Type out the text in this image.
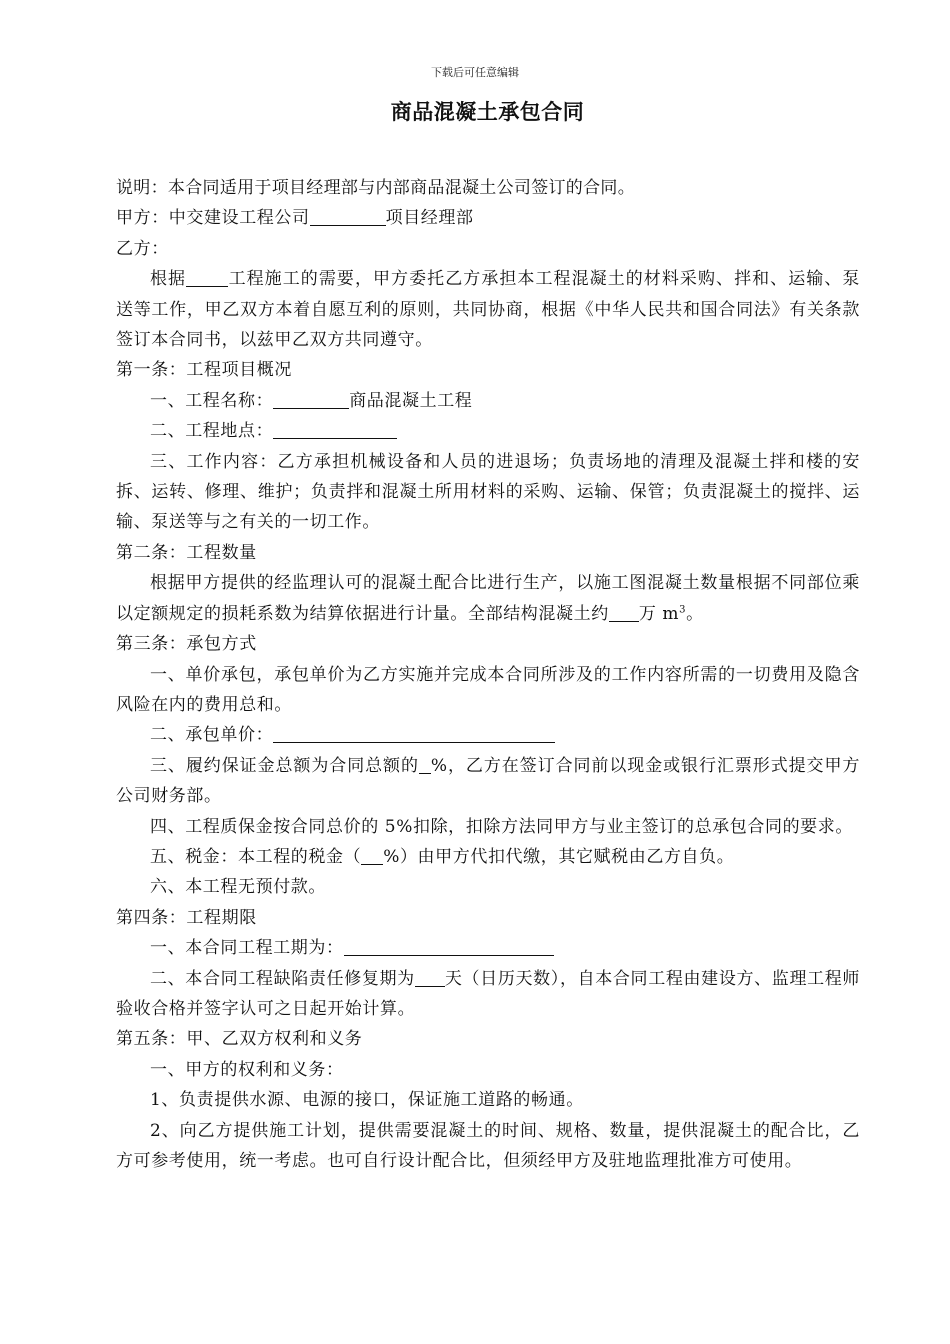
下载后可任意编辑
商品混凝土承包合同

说明：本合同适用于项目经理部与内部商品混凝土公司签订的合同。

甲方：中交建设工程公司	项目经理部

乙方：

根据 工程施工的需要，甲方委托乙方承担本工程混凝土的材料采购、拌和、运输、泵送等工作，甲乙双方本着自愿互利的原则，共同协商，根据《中华人民共和国合同法》有关条款签订本合同书，以兹甲乙双方共同遵守。

第一条：工程项目概况

一、工程名称：	商品混凝土工程

二、工程地点：

三、工作内容：乙方承担机械设备和人员的进退场；负责场地的清理及混凝土拌和楼的安拆、运转、修理、维护；负责拌和混凝土所用材料的采购、运输、保管；负责混凝土的搅拌、运输、泵送等与之有关的一切工作。

第二条：工程数量

根据甲方提供的经监理认可的混凝土配合比进行生产，以施工图混凝土数量根据不同部位乘以定额规定的损耗系数为结算依据进行计量。全部结构混凝土约 万 $m^3$。

第三条：承包方式

一、单价承包，承包单价为乙方实施并完成本合同所涉及的工作内容所需的一切费用及隐含风险在内的费用总和。

二、承包单价：

三、履约保证金总额为合同总额的 %，乙方在签订合同前以现金或银行汇票形式提交甲方公司财务部。

四、工程质保金按合同总价的 5%扣除，扣除方法同甲方与业主签订的总承包合同的要求。

五、税金：本工程的税金（ %）由甲方代扣代缴，其它赋税由乙方自负。

六、本工程无预付款。

第四条：工程期限

一、本合同工程工期为：

二、本合同工程缺陷责任修复期为 天（日历天数），自本合同工程由建设方、监理工程师验收合格并签字认可之日起开始计算。

第五条：甲、乙双方权利和义务

一、甲方的权利和义务：

1、负责提供水源、电源的接口，保证施工道路的畅通。

2、向乙方提供施工计划，提供需要混凝土的时间、规格、数量，提供混凝土的配合比，乙方可参考使用，统一考虑。也可自行设计配合比，但须经甲方及驻地监理批准方可使用。
